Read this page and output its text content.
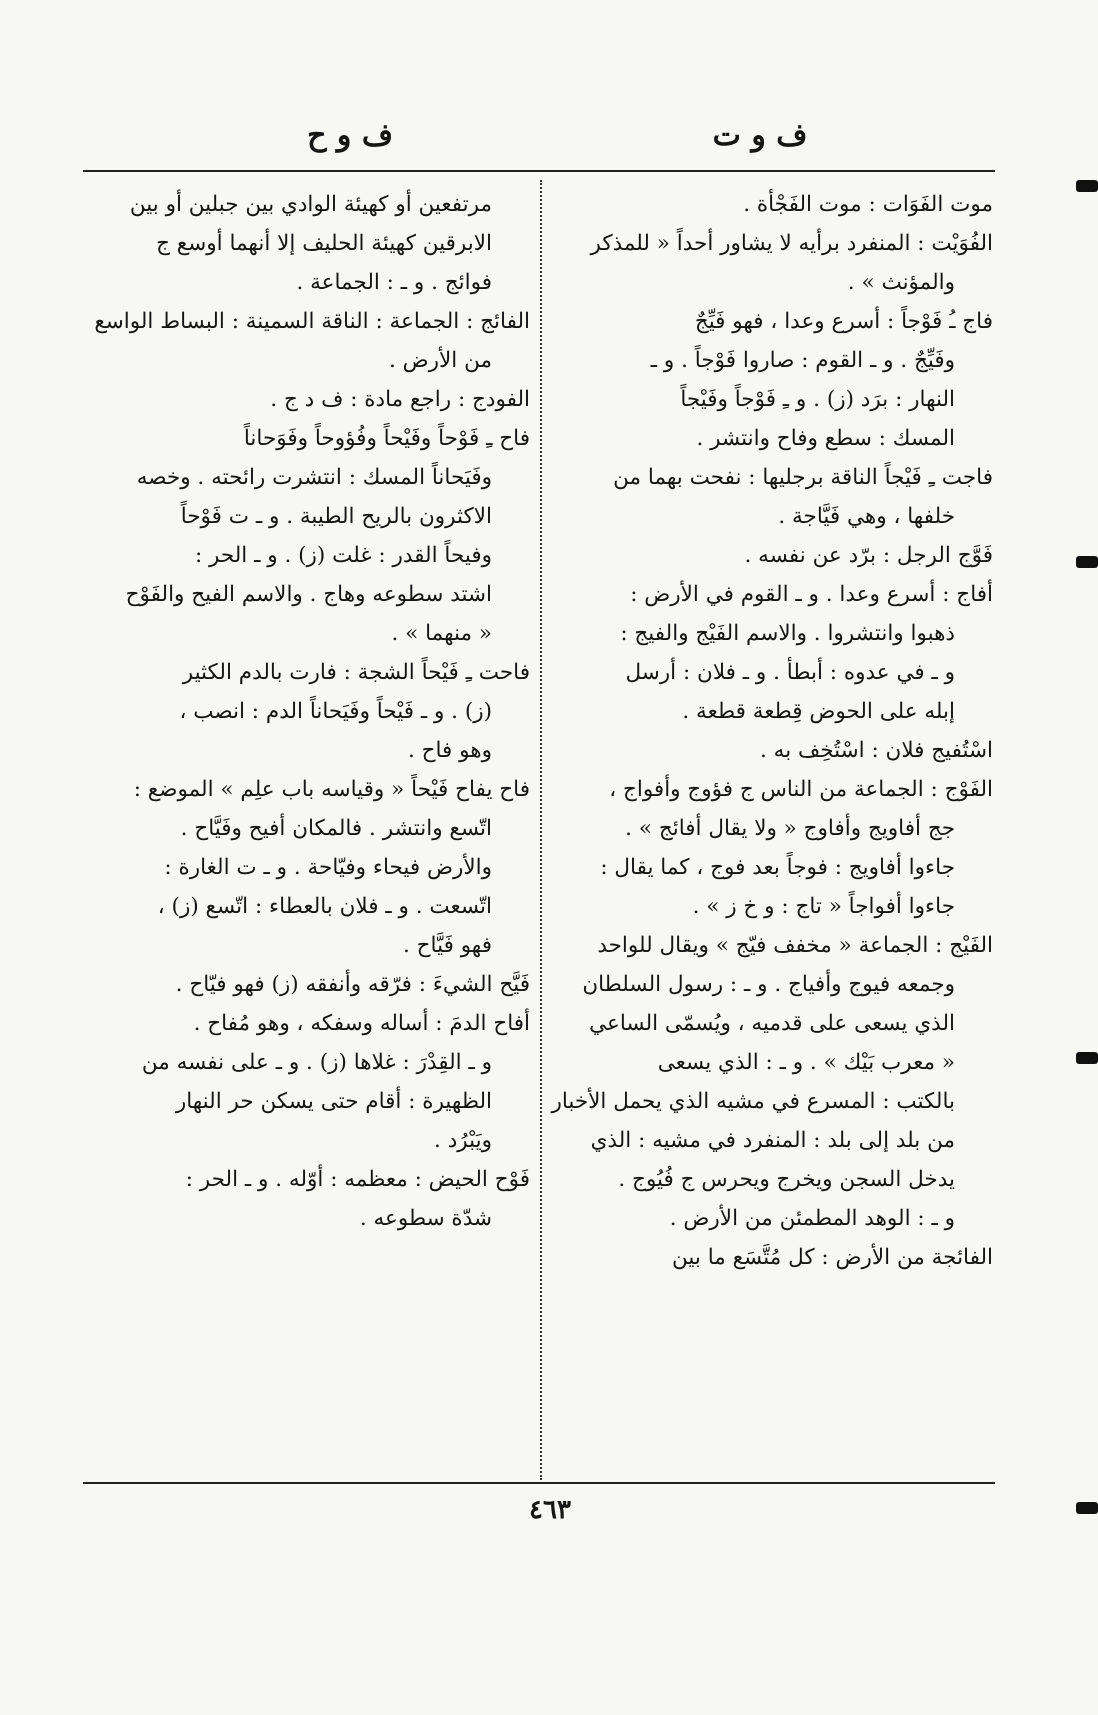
ف و ت
ف و ح
موت الفَوَات : موت الفَجْأة .
الفُوَيْت : المنفرد برأيه لا يشاور أحداً « للمذكر
والمؤنث » .
فاج ـُ فَوْجاً : أسرع وعدا ، فهو فَيِّجٌ
وفَيِّجٌ . و ـ القوم : صاروا فَوْجاً . و ـ
النهار : برَد (ز) . و ـِ فَوْجاً وفَيْجاً
المسك : سطع وفاح وانتشر .
فاجت ـِ فَيْجاً الناقة برجليها : نفحت بهما من
خلفها ، وهي فَيَّاجة .
فَوَّج الرجل : برّد عن نفسه .
أفاج : أسرع وعدا . و ـ القوم في الأرض :
ذهبوا وانتشروا . والاسم الفَيْج والفيج :
و ـ في عدوه : أبطأ . و ـ فلان : أرسل
إبله على الحوض قِطعة قطعة .
اسْتُفيج فلان : اسْتُخِف به .
الفَوْج : الجماعة من الناس ج فؤوج وأفواج ،
جج أفاويج وأفاوج « ولا يقال أفائج » .
جاءوا أفاويج : فوجاً بعد فوج ، كما يقال :
جاءوا أفواجاً « تاج : و خ ز » .
الفَيْج : الجماعة « مخفف فيّج » ويقال للواحد
وجمعه فيوج وأفياج . و ـ : رسول السلطان
الذي يسعى على قدميه ، ويُسمّى الساعي
« معرب بَيْك » . و ـ : الذي يسعى
بالكتب : المسرع في مشيه الذي يحمل الأخبار
من بلد إلى بلد : المنفرد في مشيه : الذي
يدخل السجن ويخرج ويحرس ج فُيُوج .
و ـ : الوهد المطمئن من الأرض .
الفائجة من الأرض : كل مُتَّسَع ما بين
مرتفعين أو كهيئة الوادي بين جبلين أو بين
الابرقين كهيئة الحليف إلا أنهما أوسع ج
فوائج . و ـ : الجماعة .
الفائج : الجماعة : الناقة السمينة : البساط الواسع
من الأرض .
الفودج : راجع مادة : ف د ج .
فاح ـِ فَوْحاً وفَيْحاً وفُؤوحاً وفَوَحاناً
وفَيَحاناً المسك : انتشرت رائحته . وخصه
الاكثرون بالريح الطيبة . و ـ ت فَوْحاً
وفيحاً القدر : غلت (ز) . و ـ الحر :
اشتد سطوعه وهاج . والاسم الفيح والفَوْح
« منهما » .
فاحت ـِ فَيْحاً الشجة : فارت بالدم الكثير
(ز) . و ـ فَيْحاً وفَيَحاناً الدم : انصب ،
وهو فاح .
فاح يفاح فَيْحاً « وقياسه باب علِم » الموضع :
اتّسع وانتشر . فالمكان أفيح وفَيَّاح .
والأرض فيحاء وفيّاحة . و ـ ت الغارة :
اتّسعت . و ـ فلان بالعطاء : اتّسع (ز) ،
فهو فَيَّاح .
فَيَّح الشيءَ : فرّقه وأنفقه (ز) فهو فيّاح .
أفاح الدمَ : أساله وسفكه ، وهو مُفاح .
و ـ القِدْرَ : غلاها (ز) . و ـ على نفسه من
الظهيرة : أقام حتى يسكن حر النهار
ويَبْرُد .
فَوْح الحيض : معظمه : أوّله . و ـ الحر :
شدّة سطوعه .
٤٦٣
